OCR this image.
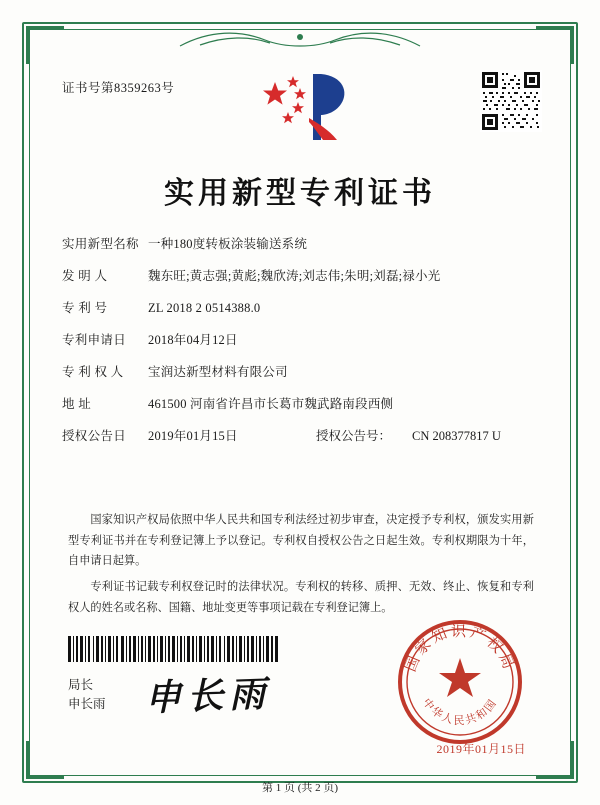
证书号第8359263号
实用新型专利证书
实用新型名称 一种180度转板涂装输送系统
发 明 人	魏东旺;黄志强;黄彪;魏欣涛;刘志伟;朱明;刘磊;禄小光
专 利 号	ZL 2018 2 0514388.0
专利申请日	2018年04月12日
专 利 权 人	宝润达新型材料有限公司
地 址	461500 河南省许昌市长葛市魏武路南段西侧
授权公告日	2019年01月15日	授权公告号：	CN 208377817 U

国家知识产权局依照中华人民共和国专利法经过初步审查，决定授予专利权，颁发实用新型专利证书并在专利登记簿上予以登记。专利权自授权公告之日起生效。专利权期限为十年，自申请日起算。

专利证书记载专利权登记时的法律状况。专利权的转移、质押、无效、终止、恢复和专利权人的姓名或名称、国籍、地址变更等事项记载在专利登记簿上。

局长
申长雨 申长雨
国家知识产权局
中华人民共和国
2019年01月15日
第 1 页 (共 2 页)
